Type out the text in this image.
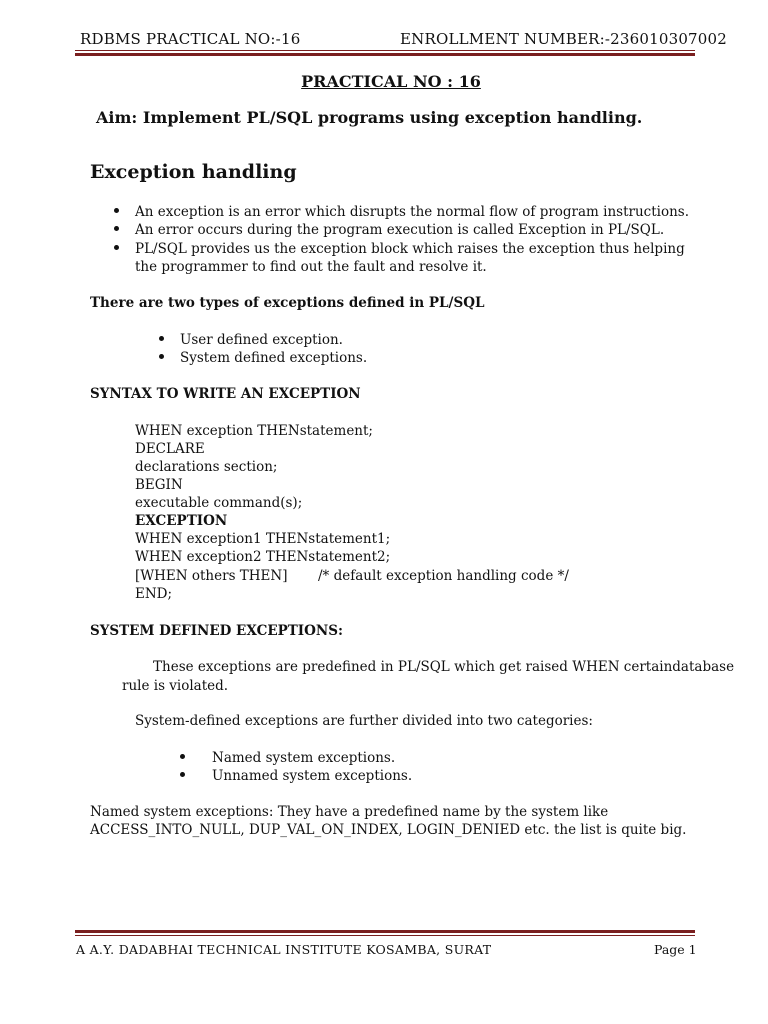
RDBMS PRACTICAL NO:-16	ENROLLMENT NUMBER:-236010307002
PRACTICAL NO : 16
Aim: Implement PL/SQL programs using exception handling.
Exception handling
An exception is an error which disrupts the normal flow of program instructions.
An error occurs during the program execution is called Exception in PL/SQL.
PL/SQL provides us the exception block which raises the exception thus helping
the programmer to find out the fault and resolve it.
There are two types of exceptions defined in PL/SQL
User defined exception.
System defined exceptions.
SYNTAX TO WRITE AN EXCEPTION
WHEN exception THENstatement;
DECLARE
declarations section;
BEGIN
executable command(s);
EXCEPTION
WHEN exception1 THENstatement1;
WHEN exception2 THENstatement2;
[WHEN others THEN] /* default exception handling code */
END;
SYSTEM DEFINED EXCEPTIONS:
These exceptions are predefined in PL/SQL which get raised WHEN certaindatabase
rule is violated.
System-defined exceptions are further divided into two categories:
Named system exceptions.
Unnamed system exceptions.
Named system exceptions: They have a predefined name by the system like
ACCESS_INTO_NULL, DUP_VAL_ON_INDEX, LOGIN_DENIED etc. the list is quite big.
A A.Y. DADABHAI TECHNICAL INSTITUTE KOSAMBA, SURAT	Page 1
